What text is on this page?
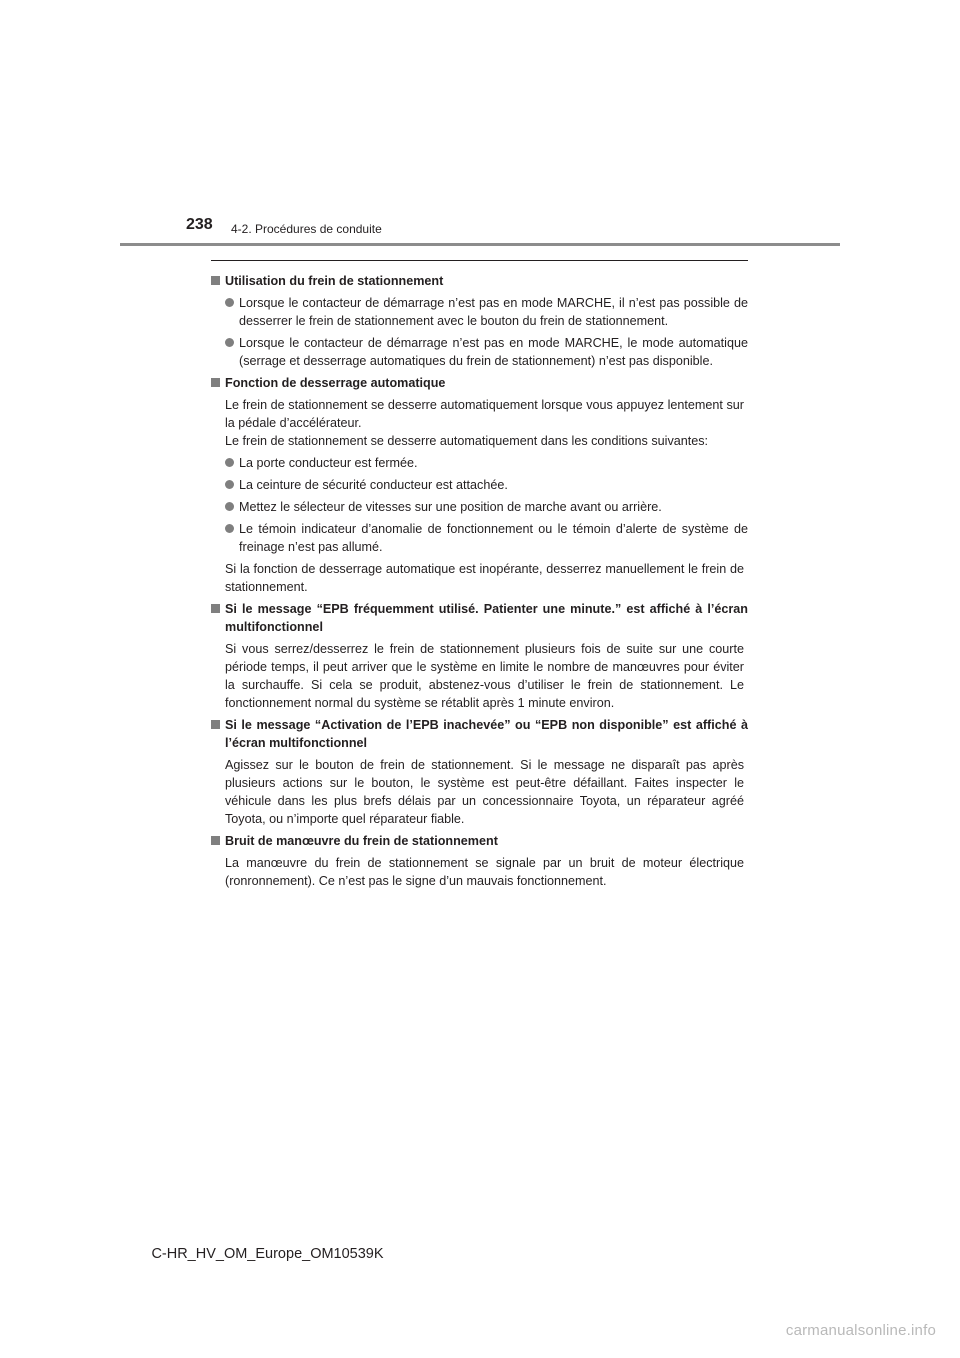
238 4-2. Procédures de conduite
Utilisation du frein de stationnement
Lorsque le contacteur de démarrage n’est pas en mode MARCHE, il n’est pas possible de desserrer le frein de stationnement avec le bouton du frein de stationnement.
Lorsque le contacteur de démarrage n’est pas en mode MARCHE, le mode automatique (serrage et desserrage automatiques du frein de stationnement) n’est pas disponible.
Fonction de desserrage automatique
Le frein de stationnement se desserre automatiquement lorsque vous appuyez lentement sur la pédale d’accélérateur.
Le frein de stationnement se desserre automatiquement dans les conditions suivantes:
La porte conducteur est fermée.
La ceinture de sécurité conducteur est attachée.
Mettez le sélecteur de vitesses sur une position de marche avant ou arrière.
Le témoin indicateur d’anomalie de fonctionnement ou le témoin d’alerte de système de freinage n’est pas allumé.
Si la fonction de desserrage automatique est inopérante, desserrez manuellement le frein de stationnement.
Si le message “EPB fréquemment utilisé. Patienter une minute.” est affiché à l’écran multifonctionnel
Si vous serrez/desserrez le frein de stationnement plusieurs fois de suite sur une courte période temps, il peut arriver que le système en limite le nombre de manœuvres pour éviter la surchauffe. Si cela se produit, abstenez-vous d’utiliser le frein de stationnement. Le fonctionnement normal du système se rétablit après 1 minute environ.
Si le message “Activation de l’EPB inachevée” ou “EPB non disponible” est affiché à l’écran multifonctionnel
Agissez sur le bouton de frein de stationnement. Si le message ne disparaît pas après plusieurs actions sur le bouton, le système est peut-être défaillant. Faites inspecter le véhicule dans les plus brefs délais par un concessionnaire Toyota, un réparateur agréé Toyota, ou n’importe quel réparateur fiable.
Bruit de manœuvre du frein de stationnement
La manœuvre du frein de stationnement se signale par un bruit de moteur électrique (ronronnement). Ce n’est pas le signe d’un mauvais fonctionnement.
C-HR_HV_OM_Europe_OM10539K
carmanualsonline.info
